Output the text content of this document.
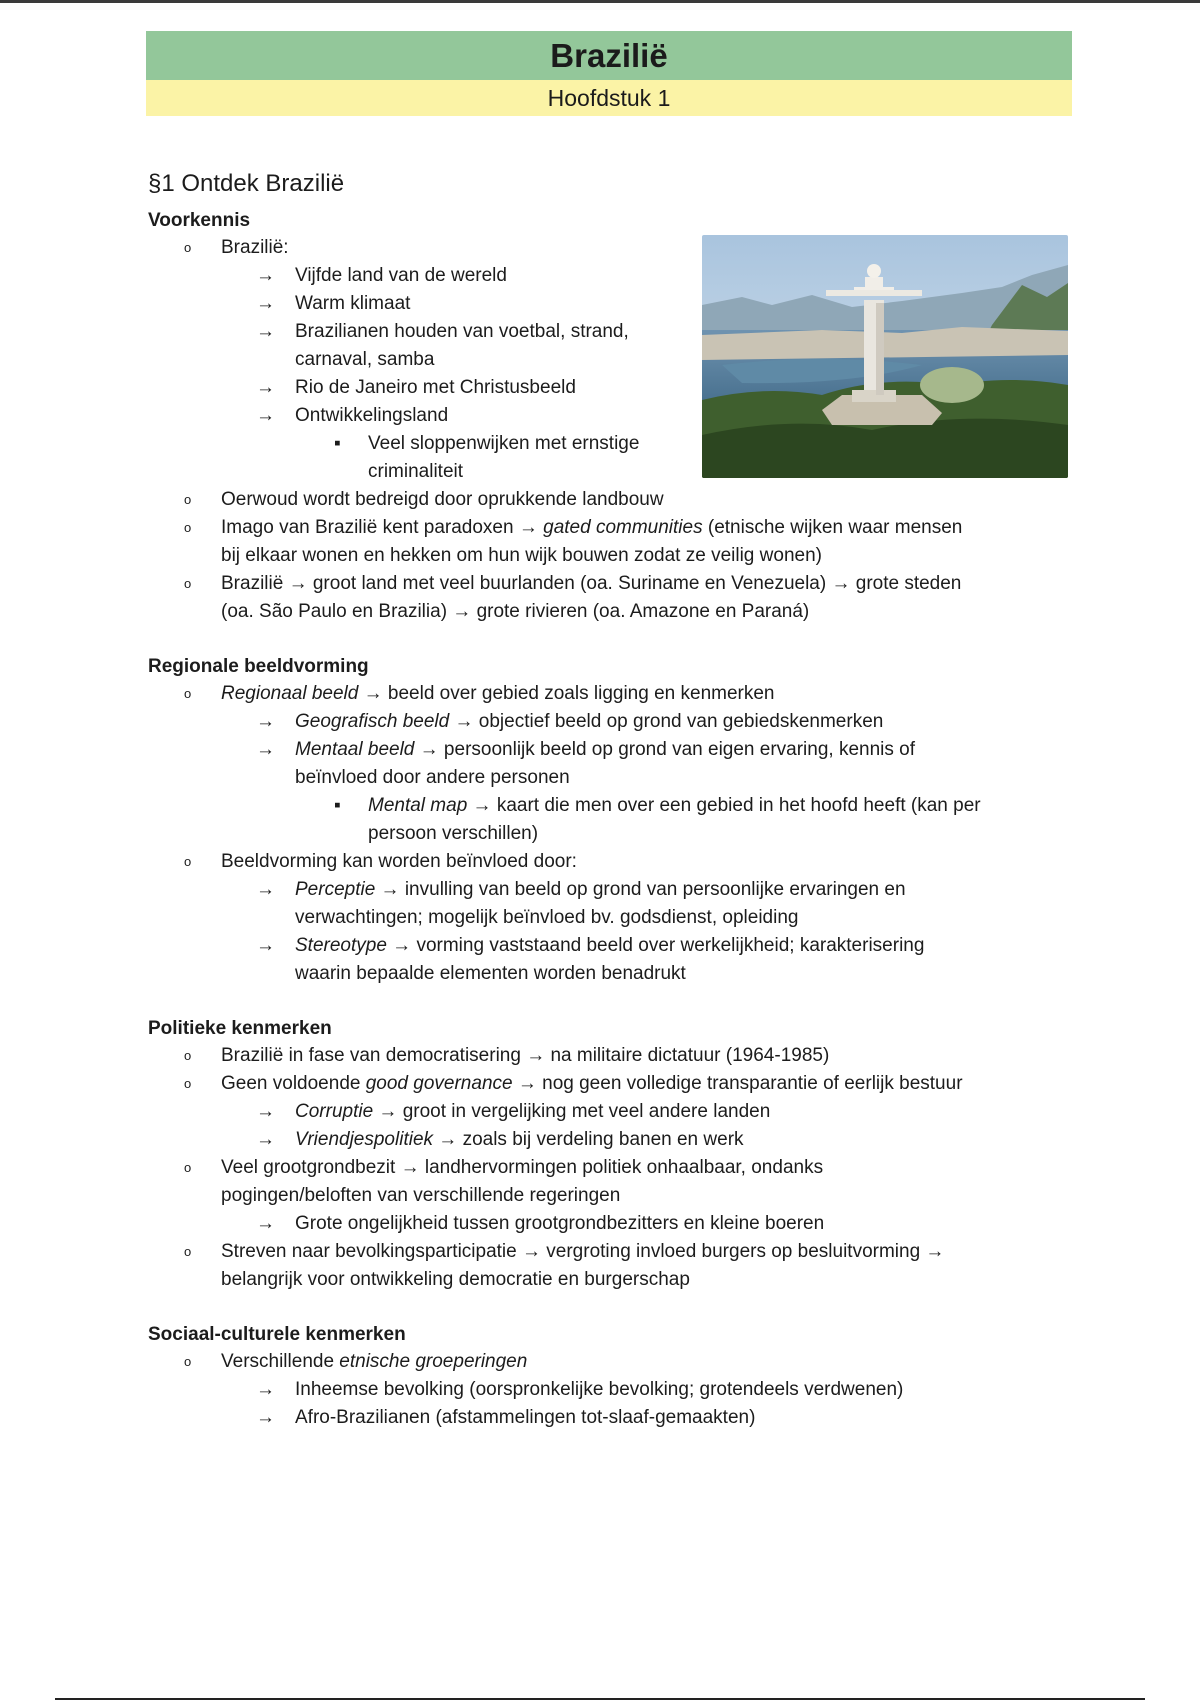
Brazilië
Hoofdstuk 1
§1 Ontdek Brazilië
Voorkennis
o Brazilië:
→ Vijfde land van de wereld
→ Warm klimaat
→ Brazilianen houden van voetbal, strand,
carnaval, samba
→ Rio de Janeiro met Christusbeeld
→ Ontwikkelingsland
▪ Veel sloppenwijken met ernstige
criminaliteit
o Oerwoud wordt bedreigd door oprukkende landbouw
o Imago van Brazilië kent paradoxen → gated communities (etnische wijken waar mensen
bij elkaar wonen en hekken om hun wijk bouwen zodat ze veilig wonen)
o Brazilië → groot land met veel buurlanden (oa. Suriname en Venezuela) → grote steden
(oa. São Paulo en Brazilia) → grote rivieren (oa. Amazone en Paraná)
Regionale beeldvorming
o Regionaal beeld → beeld over gebied zoals ligging en kenmerken
→ Geografisch beeld → objectief beeld op grond van gebiedskenmerken
→ Mentaal beeld → persoonlijk beeld op grond van eigen ervaring, kennis of
beïnvloed door andere personen
▪ Mental map → kaart die men over een gebied in het hoofd heeft (kan per
persoon verschillen)
o Beeldvorming kan worden beïnvloed door:
→ Perceptie → invulling van beeld op grond van persoonlijke ervaringen en
verwachtingen; mogelijk beïnvloed bv. godsdienst, opleiding
→ Stereotype → vorming vaststaand beeld over werkelijkheid; karakterisering
waarin bepaalde elementen worden benadrukt
Politieke kenmerken
o Brazilië in fase van democratisering → na militaire dictatuur (1964-1985)
o Geen voldoende good governance → nog geen volledige transparantie of eerlijk bestuur
→ Corruptie → groot in vergelijking met veel andere landen
→ Vriendjespolitiek → zoals bij verdeling banen en werk
o Veel grootgrondbezit → landhervormingen politiek onhaalbaar, ondanks
pogingen/beloften van verschillende regeringen
→ Grote ongelijkheid tussen grootgrondbezitters en kleine boeren
o Streven naar bevolkingsparticipatie → vergroting invloed burgers op besluitvorming →
belangrijk voor ontwikkeling democratie en burgerschap
Sociaal-culturele kenmerken
o Verschillende etnische groeperingen
→ Inheemse bevolking (oorspronkelijke bevolking; grotendeels verdwenen)
→ Afro-Brazilianen (afstammelingen tot-slaaf-gemaakten)
